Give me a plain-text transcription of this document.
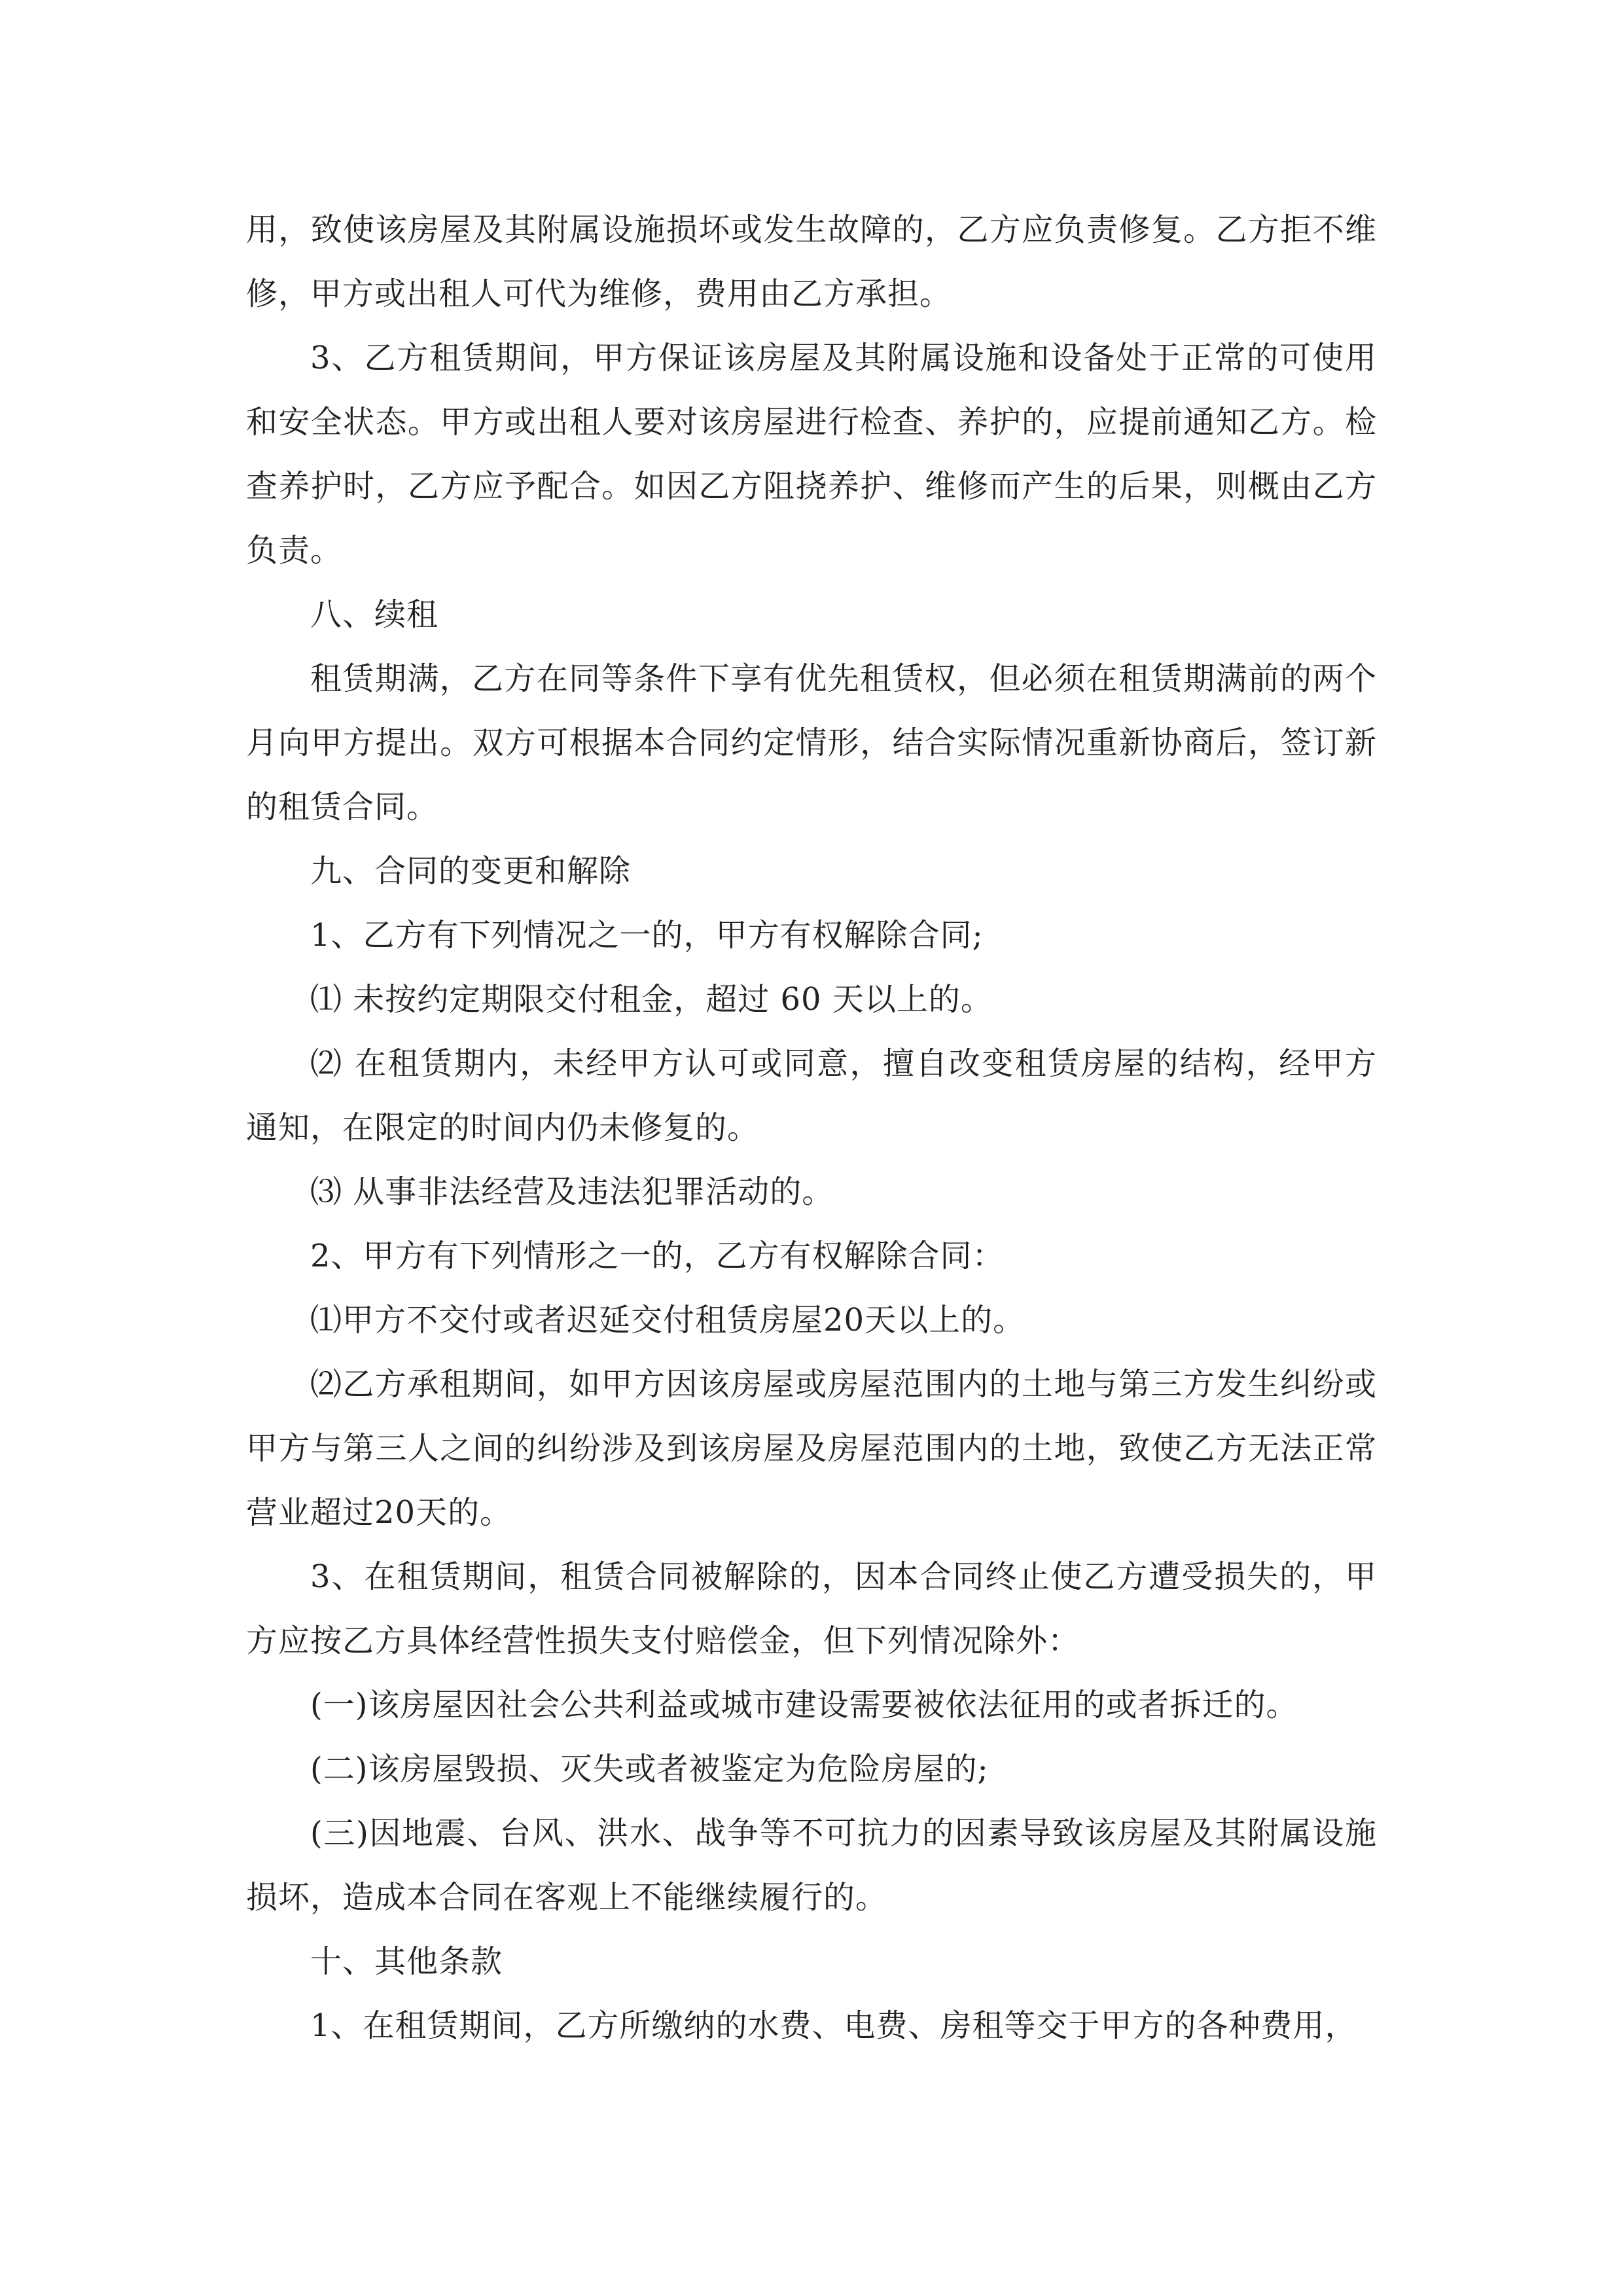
用，致使该房屋及其附属设施损坏或发生故障的，乙方应负责修复。乙方拒不维修，甲方或出租人可代为维修，费用由乙方承担。

3、乙方租赁期间，甲方保证该房屋及其附属设施和设备处于正常的可使用和安全状态。甲方或出租人要对该房屋进行检查、养护的，应提前通知乙方。检查养护时，乙方应予配合。如因乙方阻挠养护、维修而产生的后果，则概由乙方负责。

八、续租

租赁期满，乙方在同等条件下享有优先租赁权，但必须在租赁期满前的两个月向甲方提出。双方可根据本合同约定情形，结合实际情况重新协商后，签订新的租赁合同。

九、合同的变更和解除

1、乙方有下列情况之一的，甲方有权解除合同;

⑴ 未按约定期限交付租金，超过 60 天以上的。

⑵ 在租赁期内，未经甲方认可或同意，擅自改变租赁房屋的结构，经甲方通知，在限定的时间内仍未修复的。

⑶ 从事非法经营及违法犯罪活动的。

2、甲方有下列情形之一的，乙方有权解除合同：

⑴甲方不交付或者迟延交付租赁房屋20天以上的。

⑵乙方承租期间，如甲方因该房屋或房屋范围内的土地与第三方发生纠纷或甲方与第三人之间的纠纷涉及到该房屋及房屋范围内的土地，致使乙方无法正常营业超过20天的。

3、在租赁期间，租赁合同被解除的，因本合同终止使乙方遭受损失的，甲方应按乙方具体经营性损失支付赔偿金，但下列情况除外：

(一)该房屋因社会公共利益或城市建设需要被依法征用的或者拆迁的。

(二)该房屋毁损、灭失或者被鉴定为危险房屋的;

(三)因地震、台风、洪水、战争等不可抗力的因素导致该房屋及其附属设施损坏，造成本合同在客观上不能继续履行的。

十、其他条款

1、在租赁期间，乙方所缴纳的水费、电费、房租等交于甲方的各种费用，
